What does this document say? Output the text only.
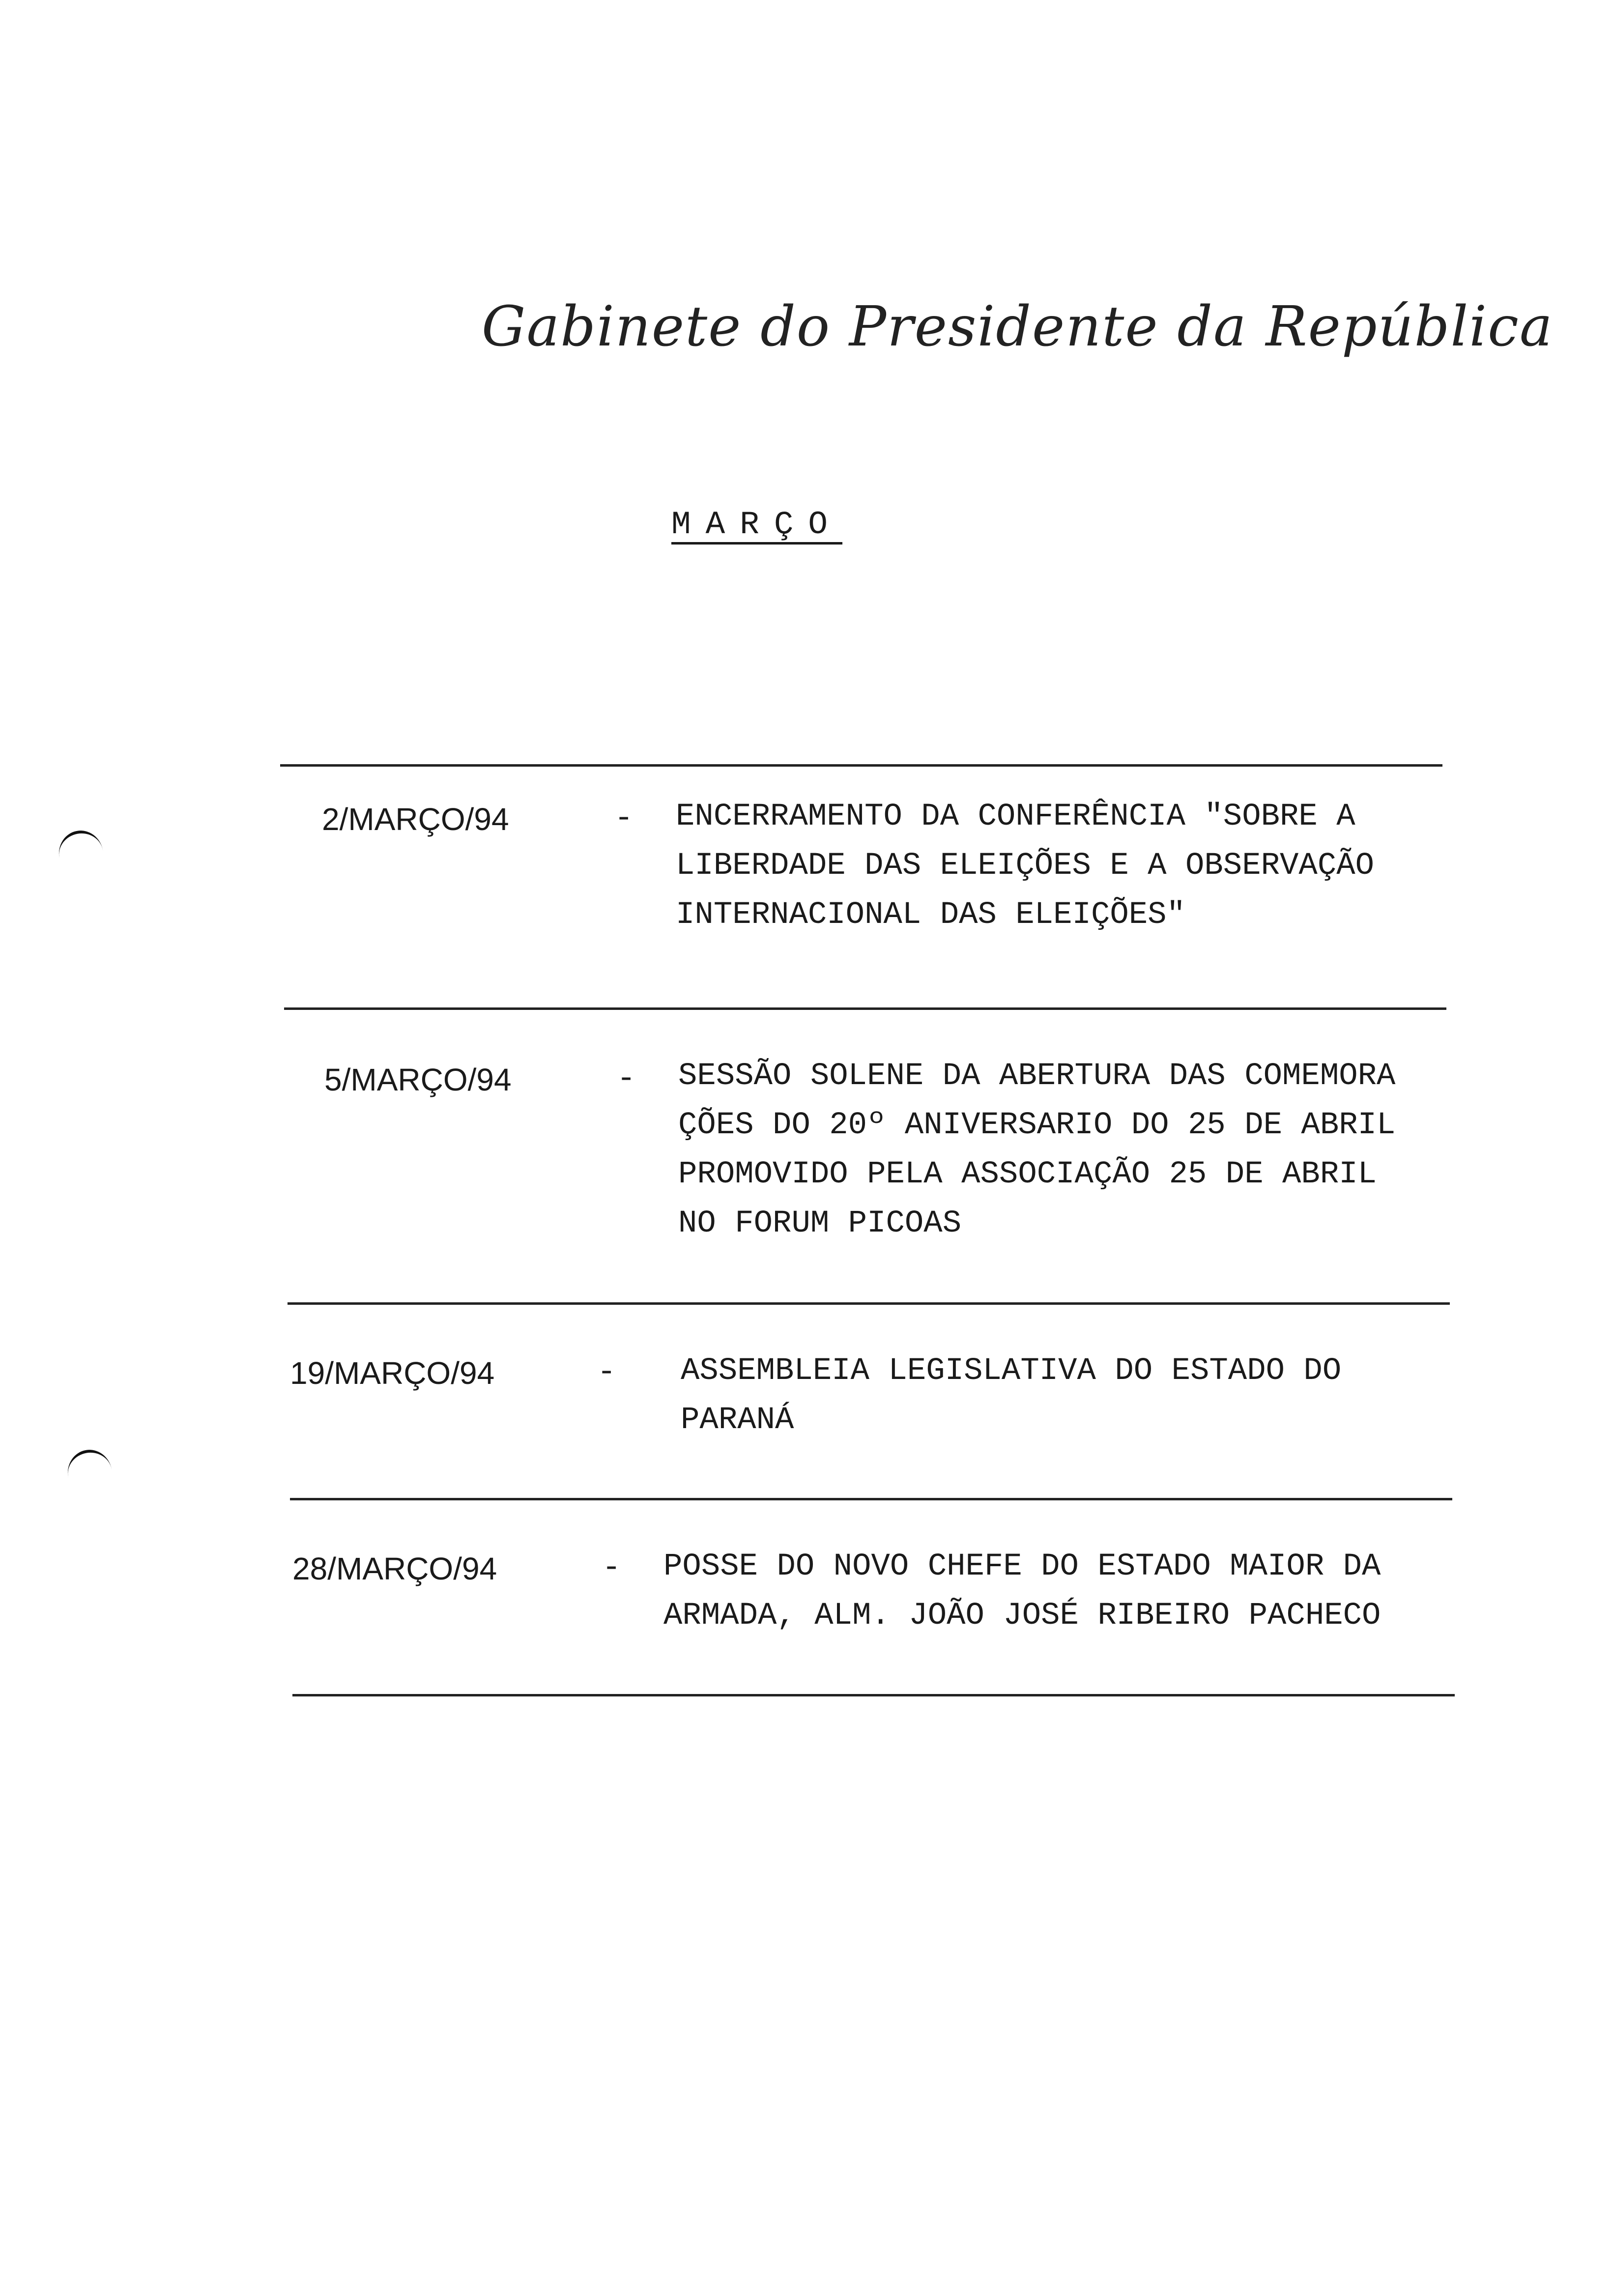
Gabinete do Presidente da República
MARÇO
2/MARÇO/94	- ENCERRAMENTO DA CONFERÊNCIA "SOBRE A
LIBERDADE DAS ELEIÇÕES E A OBSERVAÇÃO
INTERNACIONAL DAS ELEIÇÕES"
5/MARÇO/94	- SESSÃO SOLENE DA ABERTURA DAS COMEMORA
ÇÕES DO 20º ANIVERSARIO DO 25 DE ABRIL
PROMOVIDO PELA ASSOCIAÇÃO 25 DE ABRIL
NO FORUM PICOAS
19/MARÇO/94	- ASSEMBLEIA LEGISLATIVA DO ESTADO DO
PARANÁ
28/MARÇO/94	- POSSE DO NOVO CHEFE DO ESTADO MAIOR DA
ARMADA, ALM. JOÃO JOSÉ RIBEIRO PACHECO
